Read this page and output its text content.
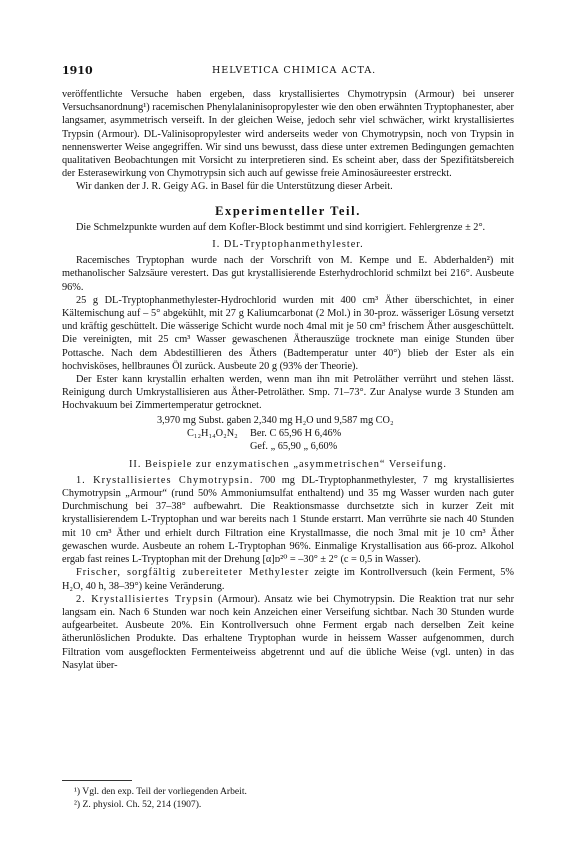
1910	HELVETICA CHIMICA ACTA.

veröffentlichte Versuche haben ergeben, dass krystallisiertes Chymotrypsin (Armour) bei unserer Versuchsanordnung¹) racemischen Phenylalaninisopropylester wie den oben erwähnten Tryptophanester, aber langsamer, asymmetrisch verseift. In der gleichen Weise, jedoch sehr viel schwächer, wirkt krystallisiertes Trypsin (Armour). DL-Valinisopropylester wird anderseits weder von Chymotrypsin, noch von Trypsin in nennenswerter Weise angegriffen. Wir sind uns bewusst, dass diese unter extremen Bedingungen gemachten qualitativen Beobachtungen mit Vorsicht zu interpretieren sind. Es scheint aber, dass der Spezifitätsbereich der Esterasewirkung von Chymotrypsin sich auch auf gewisse freie Aminosäureester erstreckt.

Wir danken der J. R. Geigy AG. in Basel für die Unterstützung dieser Arbeit.

Experimenteller Teil.

Die Schmelzpunkte wurden auf dem Kofler-Block bestimmt und sind korrigiert. Fehlergrenze ± 2°.

I. DL-Tryptophanmethylester.

Racemisches Tryptophan wurde nach der Vorschrift von M. Kempe und E. Abderhalden²) mit methanolischer Salzsäure verestert. Das gut krystallisierende Esterhydrochlorid schmilzt bei 216°. Ausbeute 96%.

25 g DL-Tryptophanmethylester-Hydrochlorid wurden mit 400 cm³ Äther überschichtet, in einer Kältemischung auf – 5° abgekühlt, mit 27 g Kaliumcarbonat (2 Mol.) in 30-proz. wässeriger Lösung versetzt und kräftig geschüttelt. Die wässerige Schicht wurde noch 4mal mit je 50 cm³ frischem Äther ausgeschüttelt. Die vereinigten, mit 25 cm³ Wasser gewaschenen Ätherauszüge trocknete man einige Stunden über Pottasche. Nach dem Abdestillieren des Äthers (Badtemperatur unter 40°) blieb der Ester als ein hochvisköses, hellbraunes Öl zurück. Ausbeute 20 g (93% der Theorie).

Der Ester kann krystallin erhalten werden, wenn man ihn mit Petroläther verrührt und stehen lässt. Reinigung durch Umkrystallisieren aus Äther-Petroläther. Smp. 71–73°. Zur Analyse wurde 3 Stunden am Hochvakuum bei Zimmertemperatur getrocknet.

3,970 mg Subst. gaben 2,340 mg H₂O und 9,587 mg CO₂
C₁₂H₁₄O₂N₂ Ber. C 65,96 H 6,46%
Gef. „ 65,90 „ 6,60%
II. Beispiele zur enzymatischen „asymmetrischen“ Verseifung.

1. Krystallisiertes Chymotrypsin. 700 mg DL-Tryptophanmethylester, 7 mg krystallisiertes Chymotrypsin „Armour“ (rund 50% Ammoniumsulfat enthaltend) und 35 mg Wasser wurden nach guter Durchmischung bei 37–38° aufbewahrt. Die Reaktionsmasse durchsetzte sich in kurzer Zeit mit krystallisierendem L-Tryptophan und war bereits nach 1 Stunde erstarrt. Man verrührte sie nach 40 Stunden mit 10 cm³ Äther und erhielt durch Filtration eine Krystallmasse, die noch 3mal mit je 10 cm³ Äther gewaschen wurde. Ausbeute an rohem L-Tryptophan 96%. Einmalige Krystallisation aus 66-proz. Alkohol ergab fast reines L-Tryptophan mit der Drehung [α]ᴅ²⁰ = –30° ± 2° (c = 0,5 in Wasser).

Frischer, sorgfältig zubereiteter Methylester zeigte im Kontrollversuch (kein Ferment, 5% H₂O, 40 h, 38–39°) keine Veränderung.

2. Krystallisiertes Trypsin (Armour). Ansatz wie bei Chymotrypsin. Die Reaktion trat nur sehr langsam ein. Nach 6 Stunden war noch kein Anzeichen einer Verseifung sichtbar. Nach 30 Stunden wurde aufgearbeitet. Ausbeute 20%. Ein Kontrollversuch ohne Ferment ergab nach derselben Zeit keine ätherunlöslichen Produkte. Das erhaltene Tryptophan wurde in heissem Wasser aufgenommen, durch Filtration vom ausgeflockten Fermenteiweiss abgetrennt und auf die übliche Weise (vgl. unten) in das Nasylat über-

¹) Vgl. den exp. Teil der vorliegenden Arbeit.
²) Z. physiol. Ch. 52, 214 (1907).
